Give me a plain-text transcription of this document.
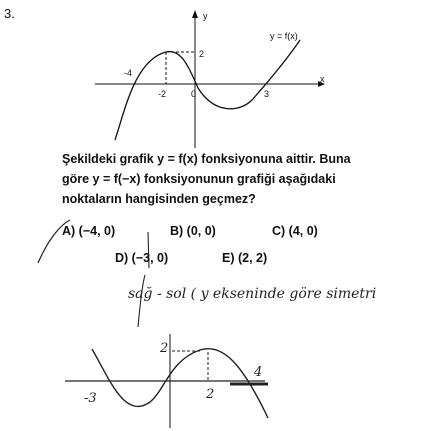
3.	y
x
y = f(x)
-4
-2	0	3
2
-3
2
2
4
Şekildeki grafik y = f(x) fonksiyonuna aittir. Buna
göre y = f(−x) fonksiyonunun grafiği aşağıdaki
noktaların hangisinden geçmez?
A) (−4, 0)	B) (0, 0)	C) (4, 0)
D) (−3, 0)	E) (2, 2)
sağ - sol ( y ekseninde göre simetri
